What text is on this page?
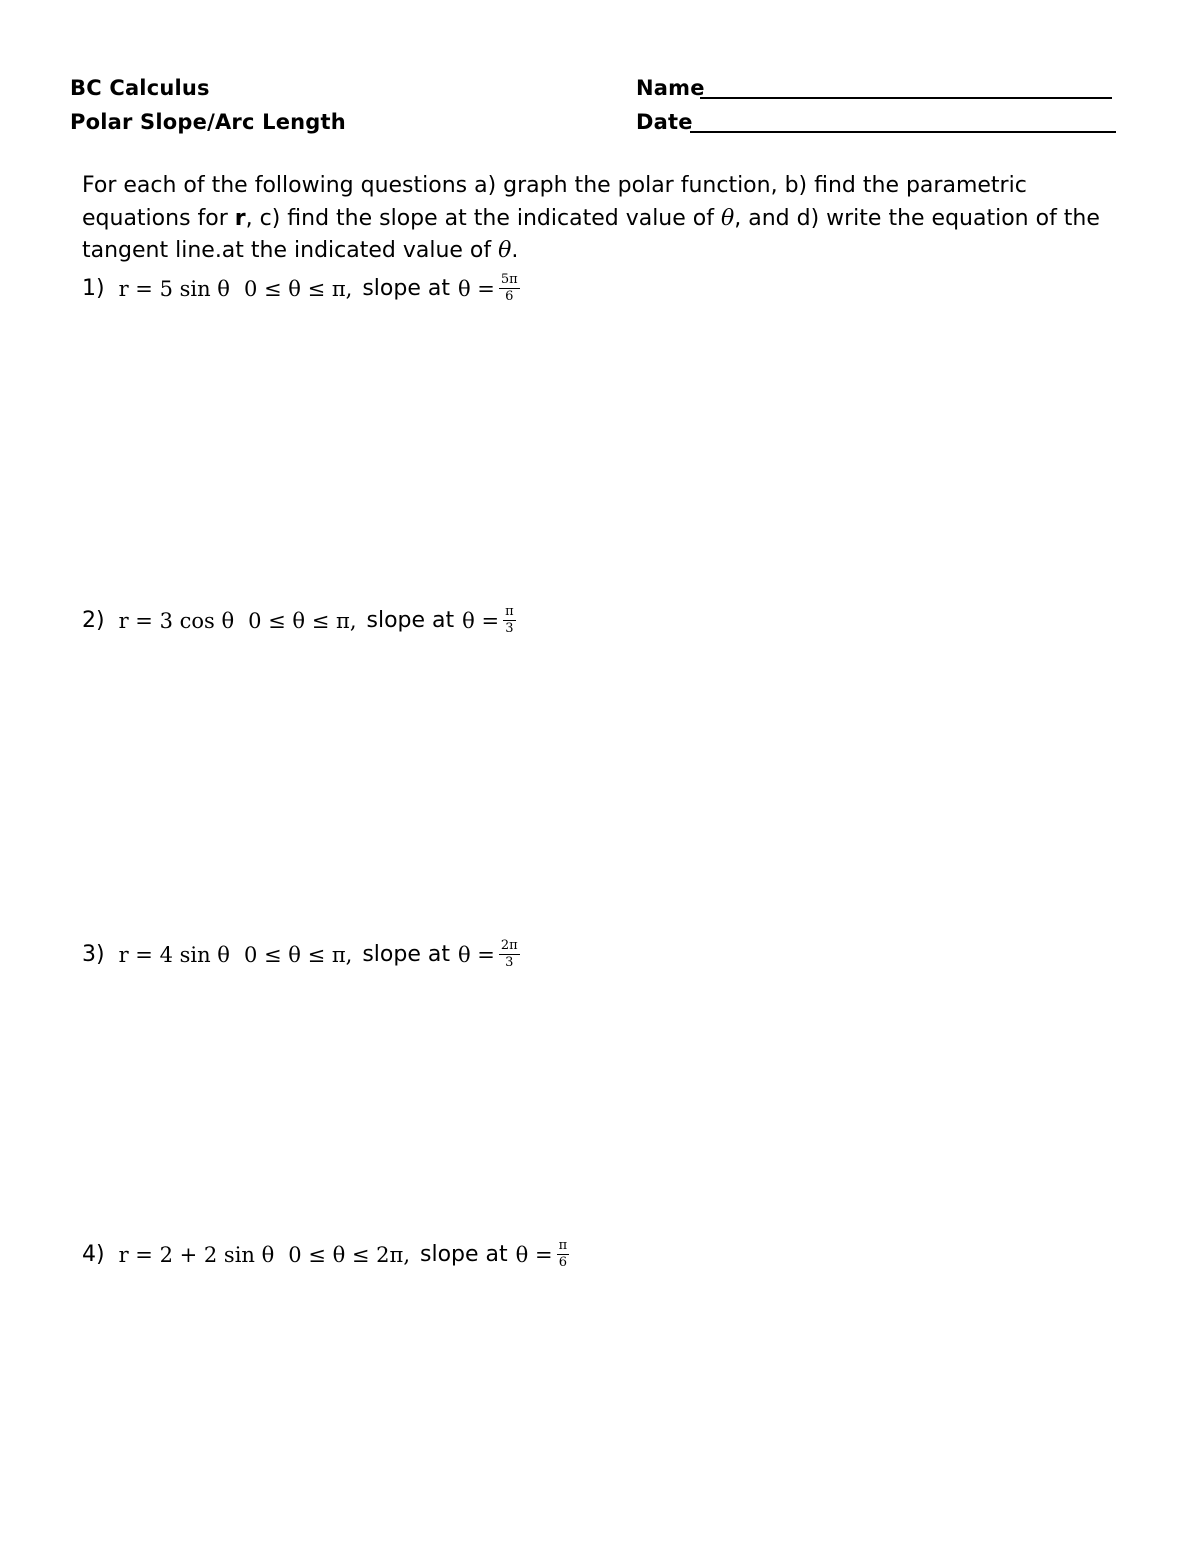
BC Calculus
Polar Slope/Arc Length
Name
Date
For each of the following questions a) graph the polar function, b) find the parametric equations for r, c) find the slope at the indicated value of θ, and d) write the equation of the tangent line.at the indicated value of θ.
1) r = 5 sin θ 0 ≤ θ ≤ π, slope at $\theta = \frac{5\pi}{6}$
2) r = 3 cos θ 0 ≤ θ ≤ π, slope at $\theta = \frac{\pi}{3}$
3) r = 4 sin θ 0 ≤ θ ≤ π, slope at $\theta = \frac{2\pi}{3}$
4) r = 2 + 2 sin θ 0 ≤ θ ≤ 2π, slope at $\theta = \frac{\pi}{6}$
